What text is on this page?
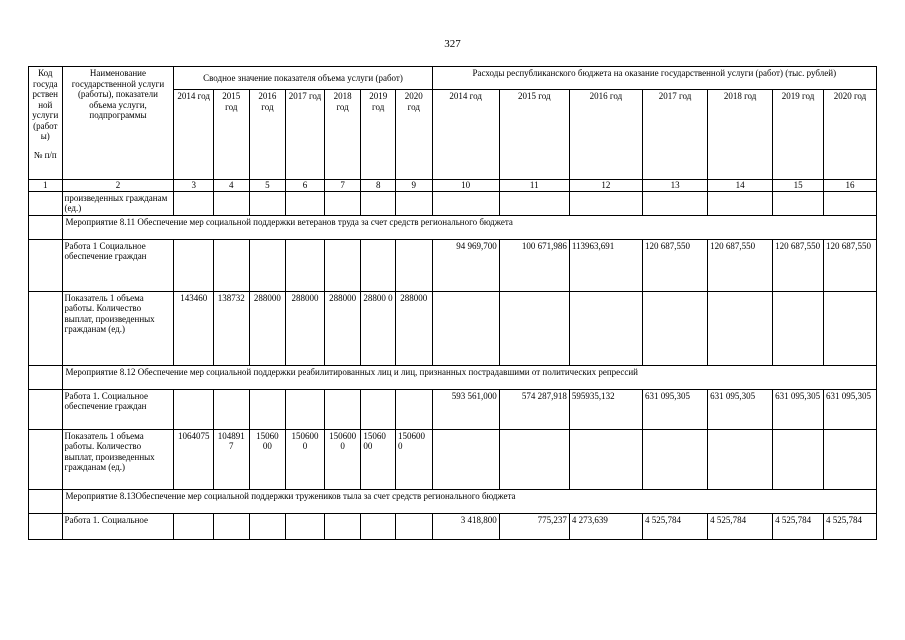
327
Код госуда рствен ной услуги (работ ы)
№ п/п	Наименование государственной услуги (работы), показатели объема услуги, подпрограммы	Сводное значение показателя объема услуги (работ)							Расходы республиканского бюджета на оказание государственной услуги (работ) (тыс. рублей)						
		2014 год	2015 год	2016 год	2017 год	2018 год	2019 год	2020 год	2014 год	2015 год	2016 год	2017 год	2018 год	2019 год	2020 год
1	2	3	4	5	6	7	8	9	10	11	12	13	14	15	16
	произведенных гражданам (ед.)														
	Мероприятие 8.11 Обеспечение мер социальной поддержки ветеранов труда за счет средств регионального бюджета														
	Работа 1 Социальное обеспечение граждан								94 969,700	100 671,986	113963,691	120 687,550	120 687,550	120 687,550	120 687,550
	Показатель 1 объема работы. Количество выплат, произведенных гражданам (ед.)	143460	138732	288000	288000	288000	28800 0	288000							
	Мероприятие 8.12 Обеспечение мер социальной поддержки реабилитированных лиц и лиц, признанных пострадавшими от политических репрессий														
	Работа 1. Социальное обеспечение граждан								593 561,000	574 287,918	595935,132	631 095,305	631 095,305	631 095,305	631 095,305
	Показатель 1 объема работы. Количество выплат, произведенных гражданам (ед.)	1064075	104891 7	15060 00	150600 0	150600 0	15060 00	150600 0							
	Мероприятие 8.13Обеспечение мер социальной поддержки тружеников тыла за счет средств регионального бюджета														
	Работа 1. Социальное								3 418,800	775,237	4 273,639	4 525,784	4 525,784	4 525,784	4 525,784
